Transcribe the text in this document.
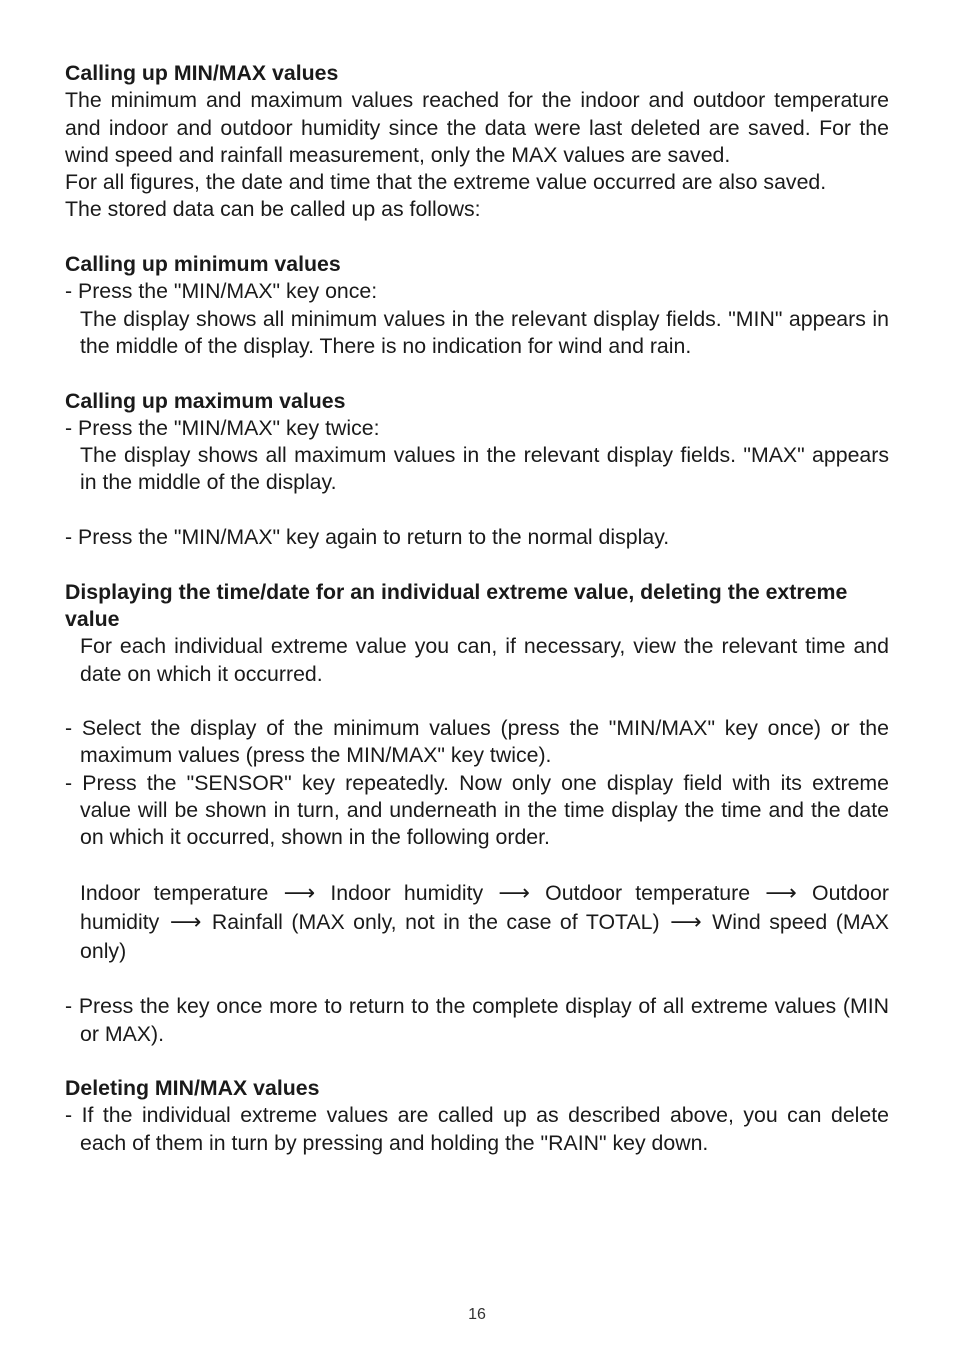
Calling up MIN/MAX values

The minimum and maximum values reached for the indoor and outdoor temperature and indoor and outdoor humidity since the data were last deleted are saved. For the wind speed and rainfall measurement, only the MAX values are saved.

For all figures, the date and time that the extreme value occurred are also saved.

The stored data can be called up as follows:

Calling up minimum values

- Press the "MIN/MAX" key once:

The display shows all minimum values in the relevant display fields. "MIN" appears in the middle of the display. There is no indication for wind and rain.

Calling up maximum values

- Press the "MIN/MAX" key twice:

The display shows all maximum values in the relevant display fields. "MAX" appears in the middle of the display.

- Press the "MIN/MAX" key again to return to the normal display.

Displaying the time/date for an individual extreme value, deleting the extreme value

For each individual extreme value you can, if necessary, view the relevant time and date on which it occurred.

- Select the display of the minimum values (press the "MIN/MAX" key once) or the maximum values (press the MIN/MAX" key twice).

- Press the "SENSOR" key repeatedly. Now only one display field with its extreme value will be shown in turn, and underneath in the time display the time and the date on which it occurred, shown in the following order.

Indoor temperature ⟶ Indoor humidity ⟶ Outdoor temperature ⟶ Outdoor humidity ⟶ Rainfall (MAX only, not in the case of TOTAL) ⟶ Wind speed (MAX only)

- Press the key once more to return to the complete display of all extreme values (MIN or MAX).

Deleting MIN/MAX values

- If the individual extreme values are called up as described above, you can delete each of them in turn by pressing and holding the "RAIN" key down.

16
